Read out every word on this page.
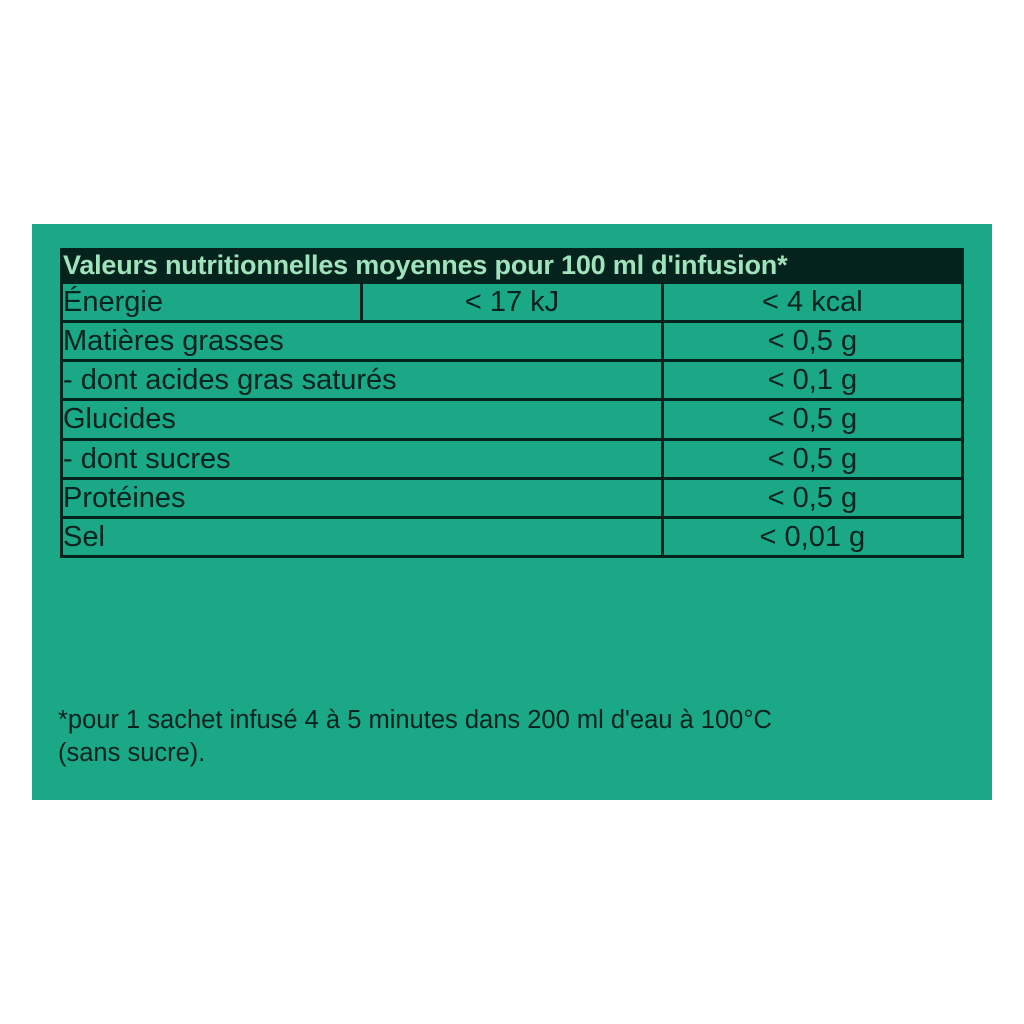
Valeurs nutritionnelles moyennes pour 100 ml d'infusion*		
Énergie	< 17 kJ	< 4 kcal
Matières grasses		< 0,5 g
- dont acides gras saturés		< 0,1 g
Glucides		< 0,5 g
- dont sucres		< 0,5 g
Protéines		< 0,5 g
Sel		< 0,01 g
*pour 1 sachet infusé 4 à 5 minutes dans 200 ml d'eau à 100°C
(sans sucre).
